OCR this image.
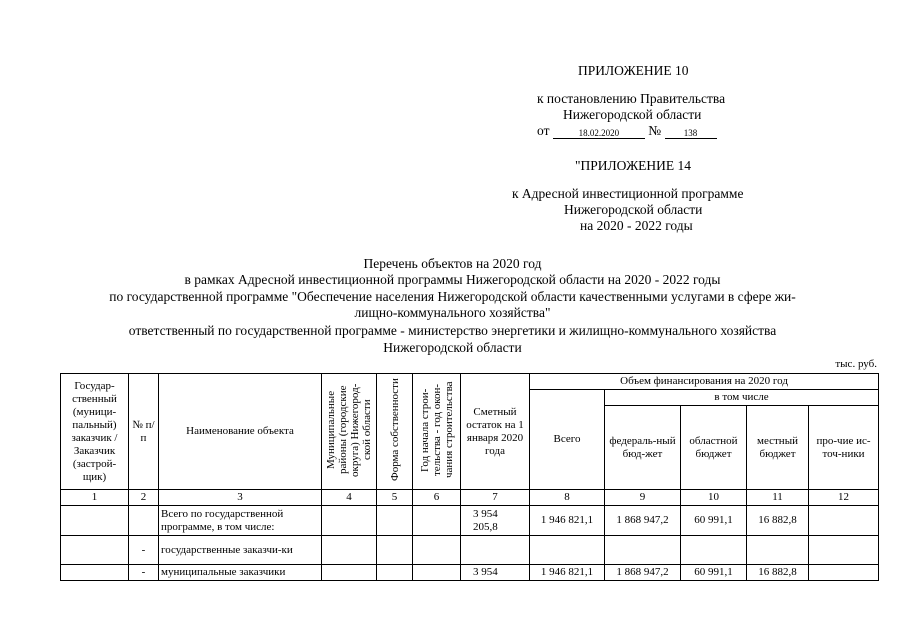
ПРИЛОЖЕНИЕ 10
к постановлению Правительства
Нижегородской области
от	18.02.2020 №	138
"ПРИЛОЖЕНИЕ 14
к Адресной инвестиционной программе
Нижегородской области
на 2020 - 2022 годы
Перечень объектов на 2020 год
в рамках Адресной инвестиционной программы Нижегородской области на 2020 - 2022 годы
по государственной программе "Обеспечение населения Нижегородской области качественными услугами в сфере жи-
лищно-коммунального хозяйства"
ответственный по государственной программе - министерство энергетики и жилищно-коммунального хозяйства
Нижегородской области
тыс. руб.
Государ-ственный (муници-пальный) заказчик / Заказчик (застрой-щик)	№ п/п	Наименование объекта	Муниципальные районы (городские округа) Нижегород-ской области	Форма собственности	Год начала строи-тельства - год окон-чания строительства	Сметный остаток на 1 января 2020 года	Объем финансирования на 2020 год				
							Всего	в том числе			
								федераль-ный бюд-жет	областной бюджет	местный бюджет	про-чие ис-точ-ники
1	2	3	4	5	6	7	8	9	10	11	12
		Всего по государственной программе, в том числе:				3 954 205,8	1 946 821,1	1 868 947,2	60 991,1	16 882,8	
	-	государственные заказчи-ки									
	-	муниципальные заказчики				3 954	1 946 821,1	1 868 947,2	60 991,1	16 882,8	
